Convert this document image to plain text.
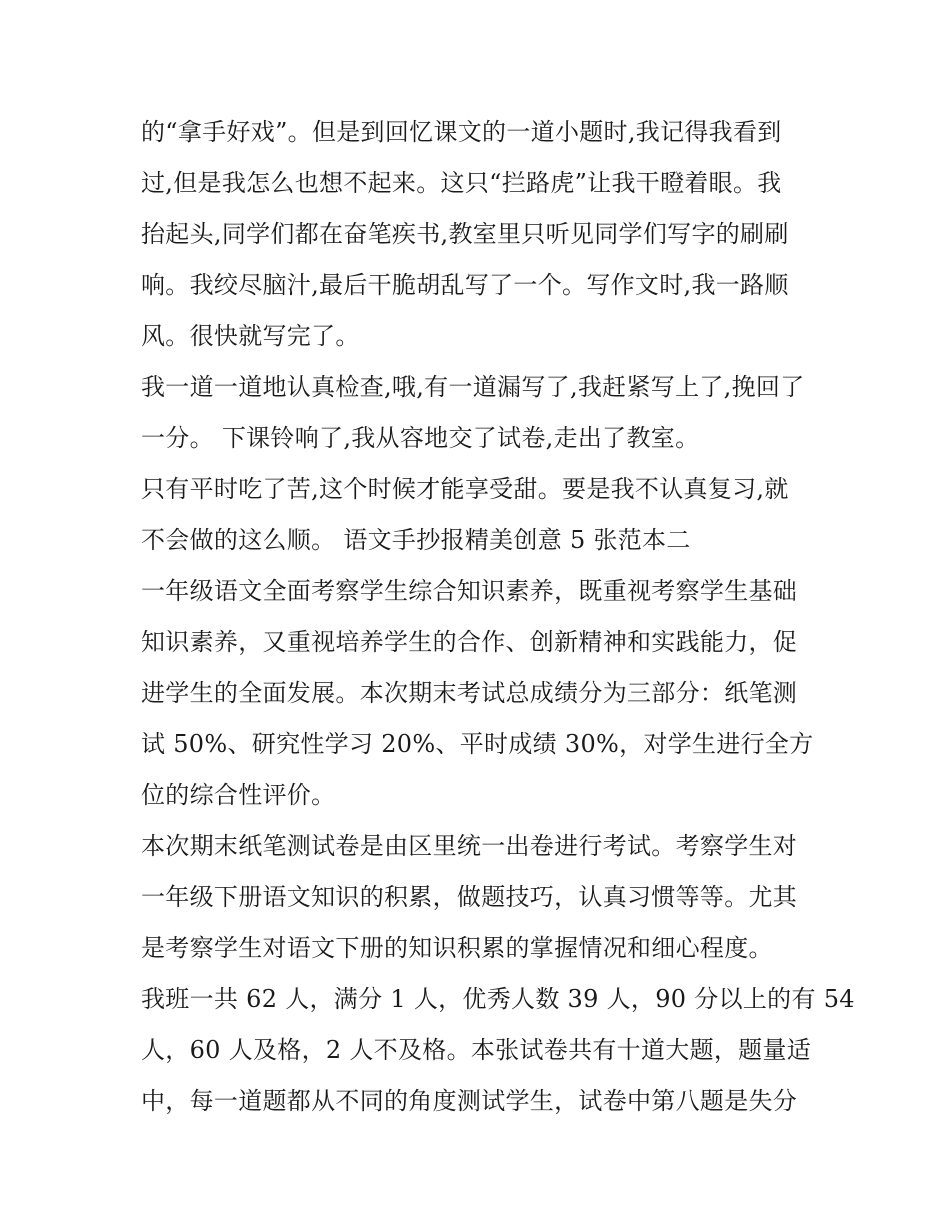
的“拿手好戏”。但是到回忆课文的一道小题时,我记得我看到
过,但是我怎么也想不起来。这只“拦路虎”让我干瞪着眼。我
抬起头,同学们都在奋笔疾书,教室里只听见同学们写字的刷刷
响。我绞尽脑汁,最后干脆胡乱写了一个。写作文时,我一路顺
风。很快就写完了。
我一道一道地认真检查,哦,有一道漏写了,我赶紧写上了,挽回了
一分。 下课铃响了,我从容地交了试卷,走出了教室。
只有平时吃了苦,这个时候才能享受甜。要是我不认真复习,就
不会做的这么顺。 语文手抄报精美创意 5 张范本二
一年级语文全面考察学生综合知识素养，既重视考察学生基础
知识素养，又重视培养学生的合作、创新精神和实践能力，促
进学生的全面发展。本次期末考试总成绩分为三部分：纸笔测
试 50%、研究性学习 20%、平时成绩 30%，对学生进行全方
位的综合性评价。
本次期末纸笔测试卷是由区里统一出卷进行考试。考察学生对
一年级下册语文知识的积累，做题技巧，认真习惯等等。尤其
是考察学生对语文下册的知识积累的掌握情况和细心程度。
我班一共 62 人，满分 1 人，优秀人数 39 人，90 分以上的有 54
人，60 人及格，2 人不及格。本张试卷共有十道大题，题量适
中，每一道题都从不同的角度测试学生，试卷中第八题是失分
